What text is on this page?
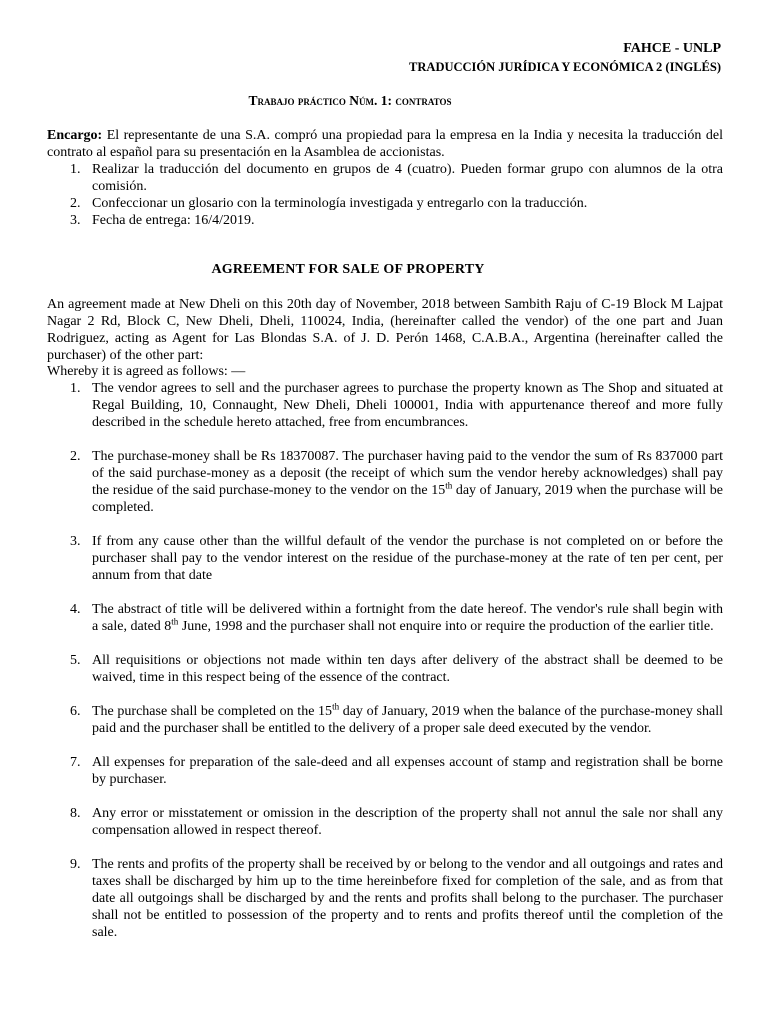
FAHCE - UNLP
TRADUCCIÓN JURÍDICA Y ECONÓMICA 2 (INGLÉS)
Trabajo práctico Núm. 1: contratos
Encargo: El representante de una S.A. compró una propiedad para la empresa en la India y necesita la traducción del contrato al español para su presentación en la Asamblea de accionistas.
1. Realizar la traducción del documento en grupos de 4 (cuatro). Pueden formar grupo con alumnos de la otra comisión.
2. Confeccionar un glosario con la terminología investigada y entregarlo con la traducción.
3. Fecha de entrega: 16/4/2019.
AGREEMENT FOR SALE OF PROPERTY
An agreement made at New Dheli on this 20th day of November, 2018 between Sambith Raju of C-19 Block M Lajpat Nagar 2 Rd, Block C, New Dheli, Dheli, 110024, India, (hereinafter called the vendor) of the one part and Juan Rodriguez, acting as Agent for Las Blondas S.A. of J. D. Perón 1468, C.A.B.A., Argentina (hereinafter called the purchaser) of the other part:
Whereby it is agreed as follows: —
1. The vendor agrees to sell and the purchaser agrees to purchase the property known as The Shop and situated at Regal Building, 10, Connaught, New Dheli, Dheli 100001, India with appurtenance thereof and more fully described in the schedule hereto attached, free from encumbrances.
2. The purchase-money shall be Rs 18370087. The purchaser having paid to the vendor the sum of Rs 837000 part of the said purchase-money as a deposit (the receipt of which sum the vendor hereby acknowledges) shall pay the residue of the said purchase-money to the vendor on the 15th day of January, 2019 when the purchase will be completed.
3. If from any cause other than the willful default of the vendor the purchase is not completed on or before the purchaser shall pay to the vendor interest on the residue of the purchase-money at the rate of ten per cent, per annum from that date
4. The abstract of title will be delivered within a fortnight from the date hereof. The vendor's rule shall begin with a sale, dated 8th June, 1998 and the purchaser shall not enquire into or require the production of the earlier title.
5. All requisitions or objections not made within ten days after delivery of the abstract shall be deemed to be waived, time in this respect being of the essence of the contract.
6. The purchase shall be completed on the 15th day of January, 2019 when the balance of the purchase-money shall paid and the purchaser shall be entitled to the delivery of a proper sale deed executed by the vendor.
7. All expenses for preparation of the sale-deed and all expenses account of stamp and registration shall be borne by purchaser.
8. Any error or misstatement or omission in the description of the property shall not annul the sale nor shall any compensation allowed in respect thereof.
9. The rents and profits of the property shall be received by or belong to the vendor and all outgoings and rates and taxes shall be discharged by him up to the time hereinbefore fixed for completion of the sale, and as from that date all outgoings shall be discharged by and the rents and profits shall belong to the purchaser. The purchaser shall not be entitled to possession of the property and to rents and profits thereof until the completion of the sale.
